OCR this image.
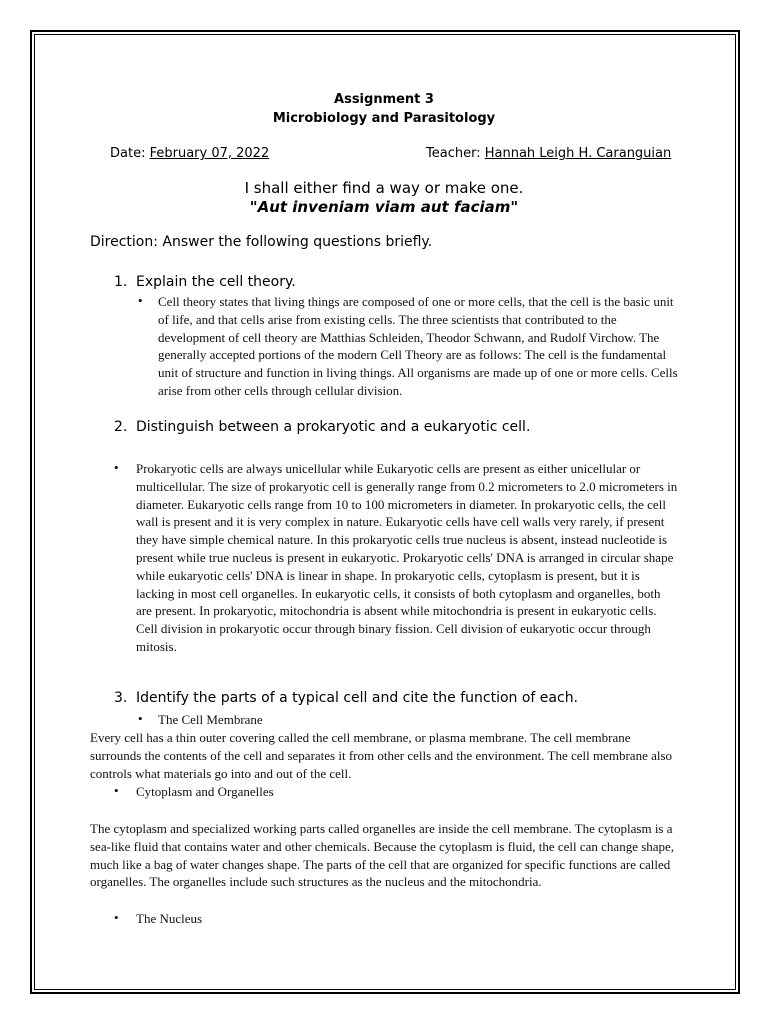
Assignment 3
Microbiology and Parasitology
Date: February 07, 2022	Teacher: Hannah Leigh H. Caranguian
I shall either find a way or make one.
"Aut inveniam viam aut faciam"
Direction: Answer the following questions briefly.
1. Explain the cell theory.
• Cell theory states that living things are composed of one or more cells, that the cell is the basic unit of life, and that cells arise from existing cells. The three scientists that contributed to the development of cell theory are Matthias Schleiden, Theodor Schwann, and Rudolf Virchow. The generally accepted portions of the modern Cell Theory are as follows: The cell is the fundamental unit of structure and function in living things. All organisms are made up of one or more cells. Cells arise from other cells through cellular division.
2. Distinguish between a prokaryotic and a eukaryotic cell.
• Prokaryotic cells are always unicellular while Eukaryotic cells are present as either unicellular or multicellular. The size of prokaryotic cell is generally range from 0.2 micrometers to 2.0 micrometers in diameter. Eukaryotic cells range from 10 to 100 micrometers in diameter. In prokaryotic cells, the cell wall is present and it is very complex in nature. Eukaryotic cells have cell walls very rarely, if present they have simple chemical nature. In this prokaryotic cells true nucleus is absent, instead nucleotide is present while true nucleus is present in eukaryotic. Prokaryotic cells' DNA is arranged in circular shape while eukaryotic cells' DNA is linear in shape. In prokaryotic cells, cytoplasm is present, but it is lacking in most cell organelles. In eukaryotic cells, it consists of both cytoplasm and organelles, both are present. In prokaryotic, mitochondria is absent while mitochondria is present in eukaryotic cells. Cell division in prokaryotic occur through binary fission. Cell division of eukaryotic occur through mitosis.
3. Identify the parts of a typical cell and cite the function of each.
• The Cell Membrane
Every cell has a thin outer covering called the cell membrane, or plasma membrane. The cell membrane surrounds the contents of the cell and separates it from other cells and the environment. The cell membrane also controls what materials go into and out of the cell.
• Cytoplasm and Organelles
The cytoplasm and specialized working parts called organelles are inside the cell membrane. The cytoplasm is a sea-like fluid that contains water and other chemicals. Because the cytoplasm is fluid, the cell can change shape, much like a bag of water changes shape. The parts of the cell that are organized for specific functions are called organelles. The organelles include such structures as the nucleus and the mitochondria.
• The Nucleus
